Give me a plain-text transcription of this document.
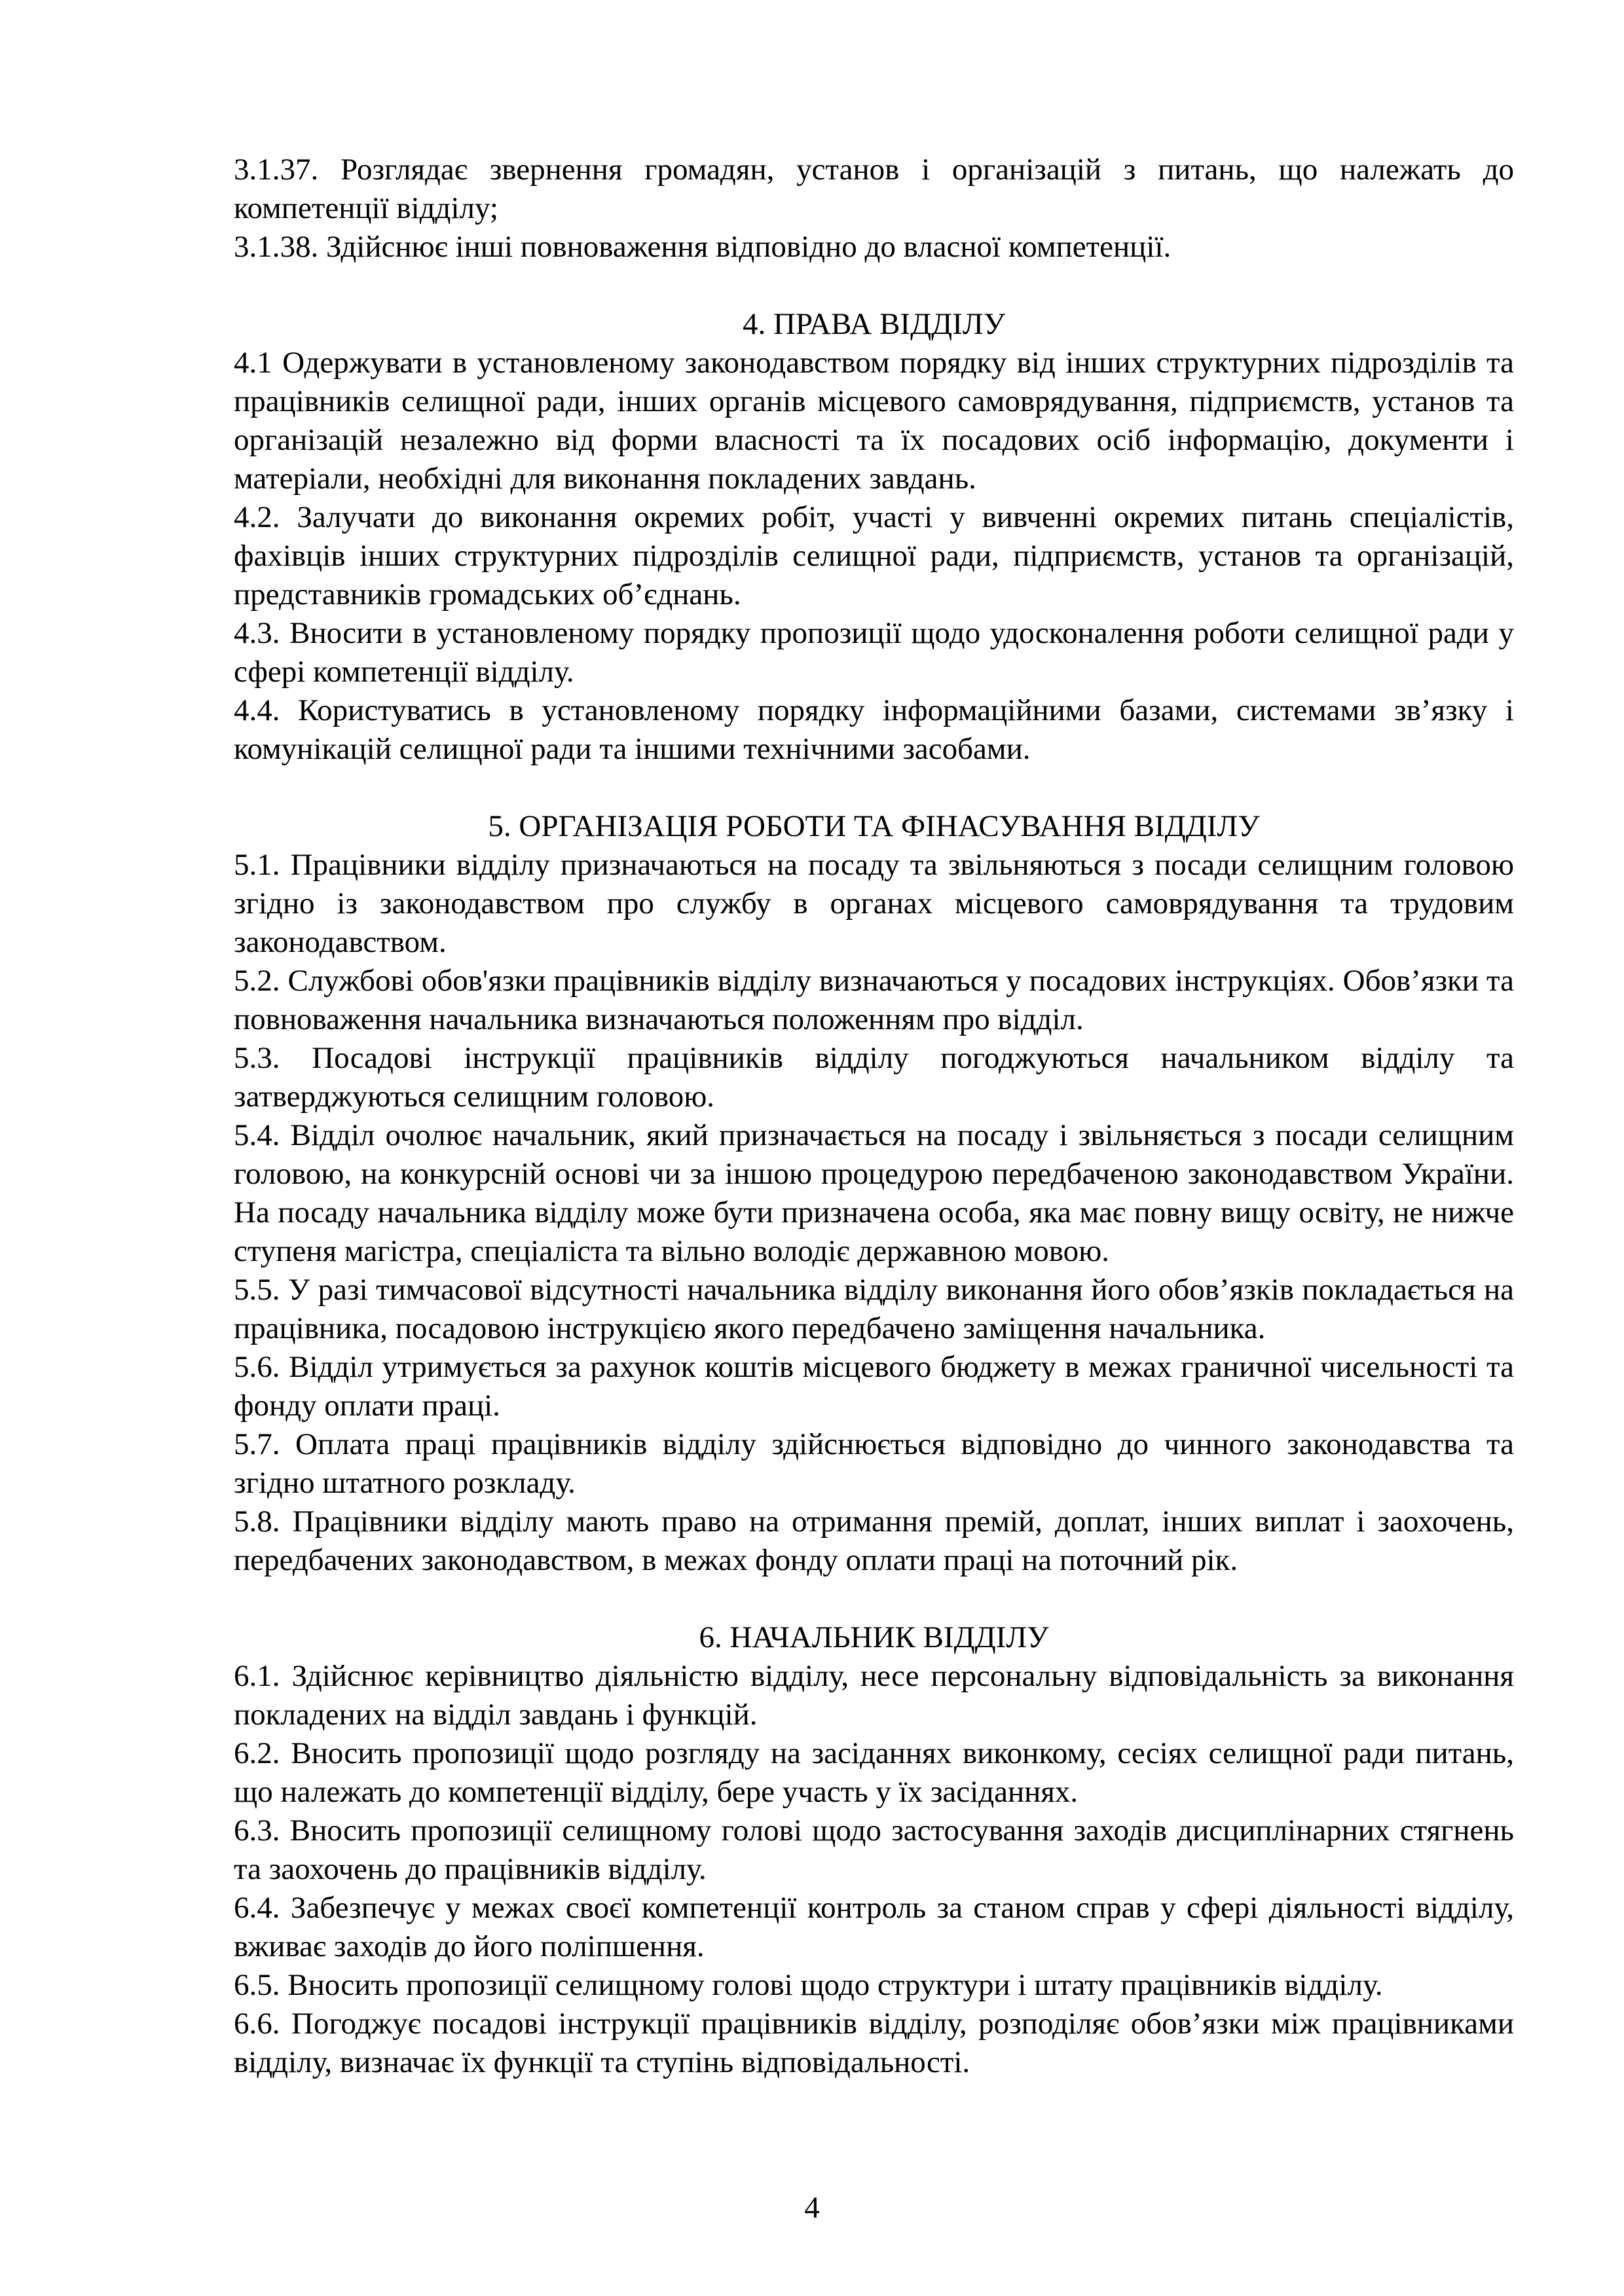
3.1.37. Розглядає звернення громадян, установ і організацій з питань, що належать до компетенції відділу;

3.1.38. Здійснює інші повноваження відповідно до власної компетенції.

4. ПРАВА ВІДДІЛУ

4.1 Одержувати в установленому законодавством порядку від інших структурних підрозділів та працівників селищної ради, інших органів місцевого самоврядування, підприємств, установ та організацій незалежно від форми власності та їх посадових осіб інформацію, документи і матеріали, необхідні для виконання покладених завдань.

4.2. Залучати до виконання окремих робіт, участі у вивченні окремих питань спеціалістів, фахівців інших структурних підрозділів селищної ради, підприємств, установ та організацій, представників громадських об’єднань.

4.3. Вносити в установленому порядку пропозиції щодо удосконалення роботи селищної ради у сфері компетенції відділу.

4.4. Користуватись в установленому порядку інформаційними базами, системами зв’язку і комунікацій селищної ради та іншими технічними засобами.

5. ОРГАНІЗАЦІЯ РОБОТИ ТА ФІНАСУВАННЯ ВІДДІЛУ

5.1. Працівники відділу призначаються на посаду та звільняються з посади селищним головою згідно із законодавством про службу в органах місцевого самоврядування та трудовим законодавством.

5.2. Службові обов'язки працівників відділу визначаються у посадових інструкціях. Обов’язки та повноваження начальника визначаються положенням про відділ.

5.3. Посадові інструкції працівників відділу погоджуються начальником відділу та затверджуються селищним головою.

5.4. Відділ очолює начальник, який призначається на посаду і звільняється з посади селищним головою, на конкурсній основі чи за іншою процедурою передбаченою законодавством України. На посаду начальника відділу може бути призначена особа, яка має повну вищу освіту, не нижче ступеня магістра, спеціаліста та вільно володіє державною мовою.

5.5. У разі тимчасової відсутності начальника відділу виконання його обов’язків покладається на працівника, посадовою інструкцією якого передбачено заміщення начальника.

5.6. Відділ утримується за рахунок коштів місцевого бюджету в межах граничної чисельності та фонду оплати праці.

5.7. Оплата праці працівників відділу здійснюється відповідно до чинного законодавства та згідно штатного розкладу.

5.8. Працівники відділу мають право на отримання премій, доплат, інших виплат і заохочень, передбачених законодавством, в межах фонду оплати праці на поточний рік.

6. НАЧАЛЬНИК ВІДДІЛУ

6.1. Здійснює керівництво діяльністю відділу, несе персональну відповідальність за виконання покладених на відділ завдань і функцій.

6.2. Вносить пропозиції щодо розгляду на засіданнях виконкому, сесіях селищної ради питань, що належать до компетенції відділу, бере участь у їх засіданнях.

6.3. Вносить пропозиції селищному голові щодо застосування заходів дисциплінарних стягнень та заохочень до працівників відділу.

6.4. Забезпечує у межах своєї компетенції контроль за станом справ у сфері діяльності відділу, вживає заходів до його поліпшення.

6.5. Вносить пропозиції селищному голові щодо структури і штату працівників відділу.

6.6. Погоджує посадові інструкції працівників відділу, розподіляє обов’язки між працівниками відділу, визначає їх функції та ступінь відповідальності.

4
